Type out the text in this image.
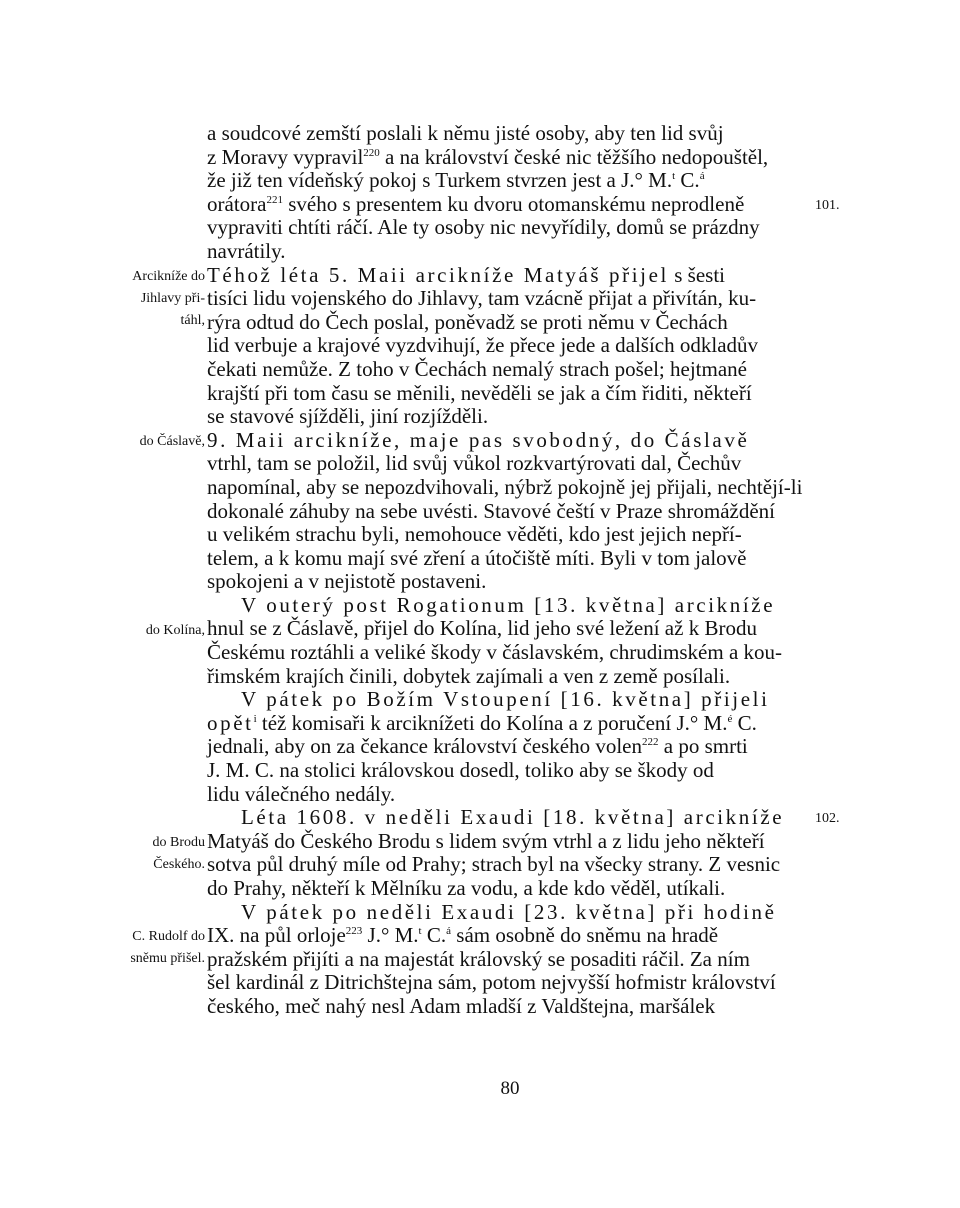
a soudcové zemští poslali k němu jisté osoby, aby ten lid svůj
z Moravy vypravil$^{220}$ a na království české nic těžšího nedopouštěl,
že již ten vídeňský pokoj s Turkem stvrzen jest a J.° M.$^t$ C.$^á$
orátora$^{221}$ svého s presentem ku dvoru otomanskému neprodleně
vypraviti chtíti ráčí. Ale ty osoby nic nevyřídily, domů se prázdny
navrátily.
Téhož léta 5. Maii arcikníže Matyáš přijel s šesti
tisíci lidu vojenského do Jihlavy, tam vzácně přijat a přivítán, ku-
rýra odtud do Čech poslal, poněvadž se proti němu v Čechách
lid verbuje a krajové vyzdvihují, že přece jede a dalších odkladův
čekati nemůže. Z toho v Čechách nemalý strach pošel; hejtmané
krajští při tom času se měnili, nevěděli se jak a čím řiditi, někteří
se stavové sjížděli, jiní rozjížděli.
9. Maii arcikníže, maje pas svobodný, do Čáslavě
vtrhl, tam se položil, lid svůj vůkol rozkvartýrovati dal, Čechův
napomínal, aby se nepozdvihovali, nýbrž pokojně jej přijali, nechtějí-li
dokonalé záhuby na sebe uvésti. Stavové čeští v Praze shromáždění
u velikém strachu byli, nemohouce věděti, kdo jest jejich nepří-
telem, a k komu mají své zření a útočiště míti. Byli v tom jalově
spokojeni a v nejistotě postaveni.
V outerý post Rogationum [13. května] arcikníže
hnul se z Čáslavě, přijel do Kolína, lid jeho své ležení až k Brodu
Českému roztáhli a veliké škody v čáslavském, chrudimském a kou-
řimském krajích činili, dobytek zajímali a ven z země posílali.
V pátek po Božím Vstoupení [16. května] přijeli
opět$^i$ též komisaři k arciknížeti do Kolína a z poručení J.° M.$^é$ C.
jednali, aby on za čekance království českého volen$^{222}$ a po smrti
J. M. C. na stolici královskou dosedl, toliko aby se škody od
lidu válečného nedály.
Léta 1608. v neděli Exaudi [18. května] arcikníže
Matyáš do Českého Brodu s lidem svým vtrhl a z lidu jeho někteří
sotva půl druhý míle od Prahy; strach byl na všecky strany. Z vesnic
do Prahy, někteří k Mělníku za vodu, a kde kdo věděl, utíkali.
V pátek po neděli Exaudi [23. května] při hodině
IX. na půl orloje$^{223}$ J.° M.$^t$ C.$^á$ sám osobně do sněmu na hradě
pražském přijíti a na majestát královský se posaditi ráčil. Za ním
šel kardinál z Ditrichštejna sám, potom nejvyšší hofmistr království
českého, meč nahý nesl Adam mladší z Valdštejna, maršálek
Arcikníže do
Jihlavy při-
táhl,
do Čáslavě,
do Kolína,
do Brodu
Českého.
C. Rudolf do
sněmu přišel.
101.
102.
80
